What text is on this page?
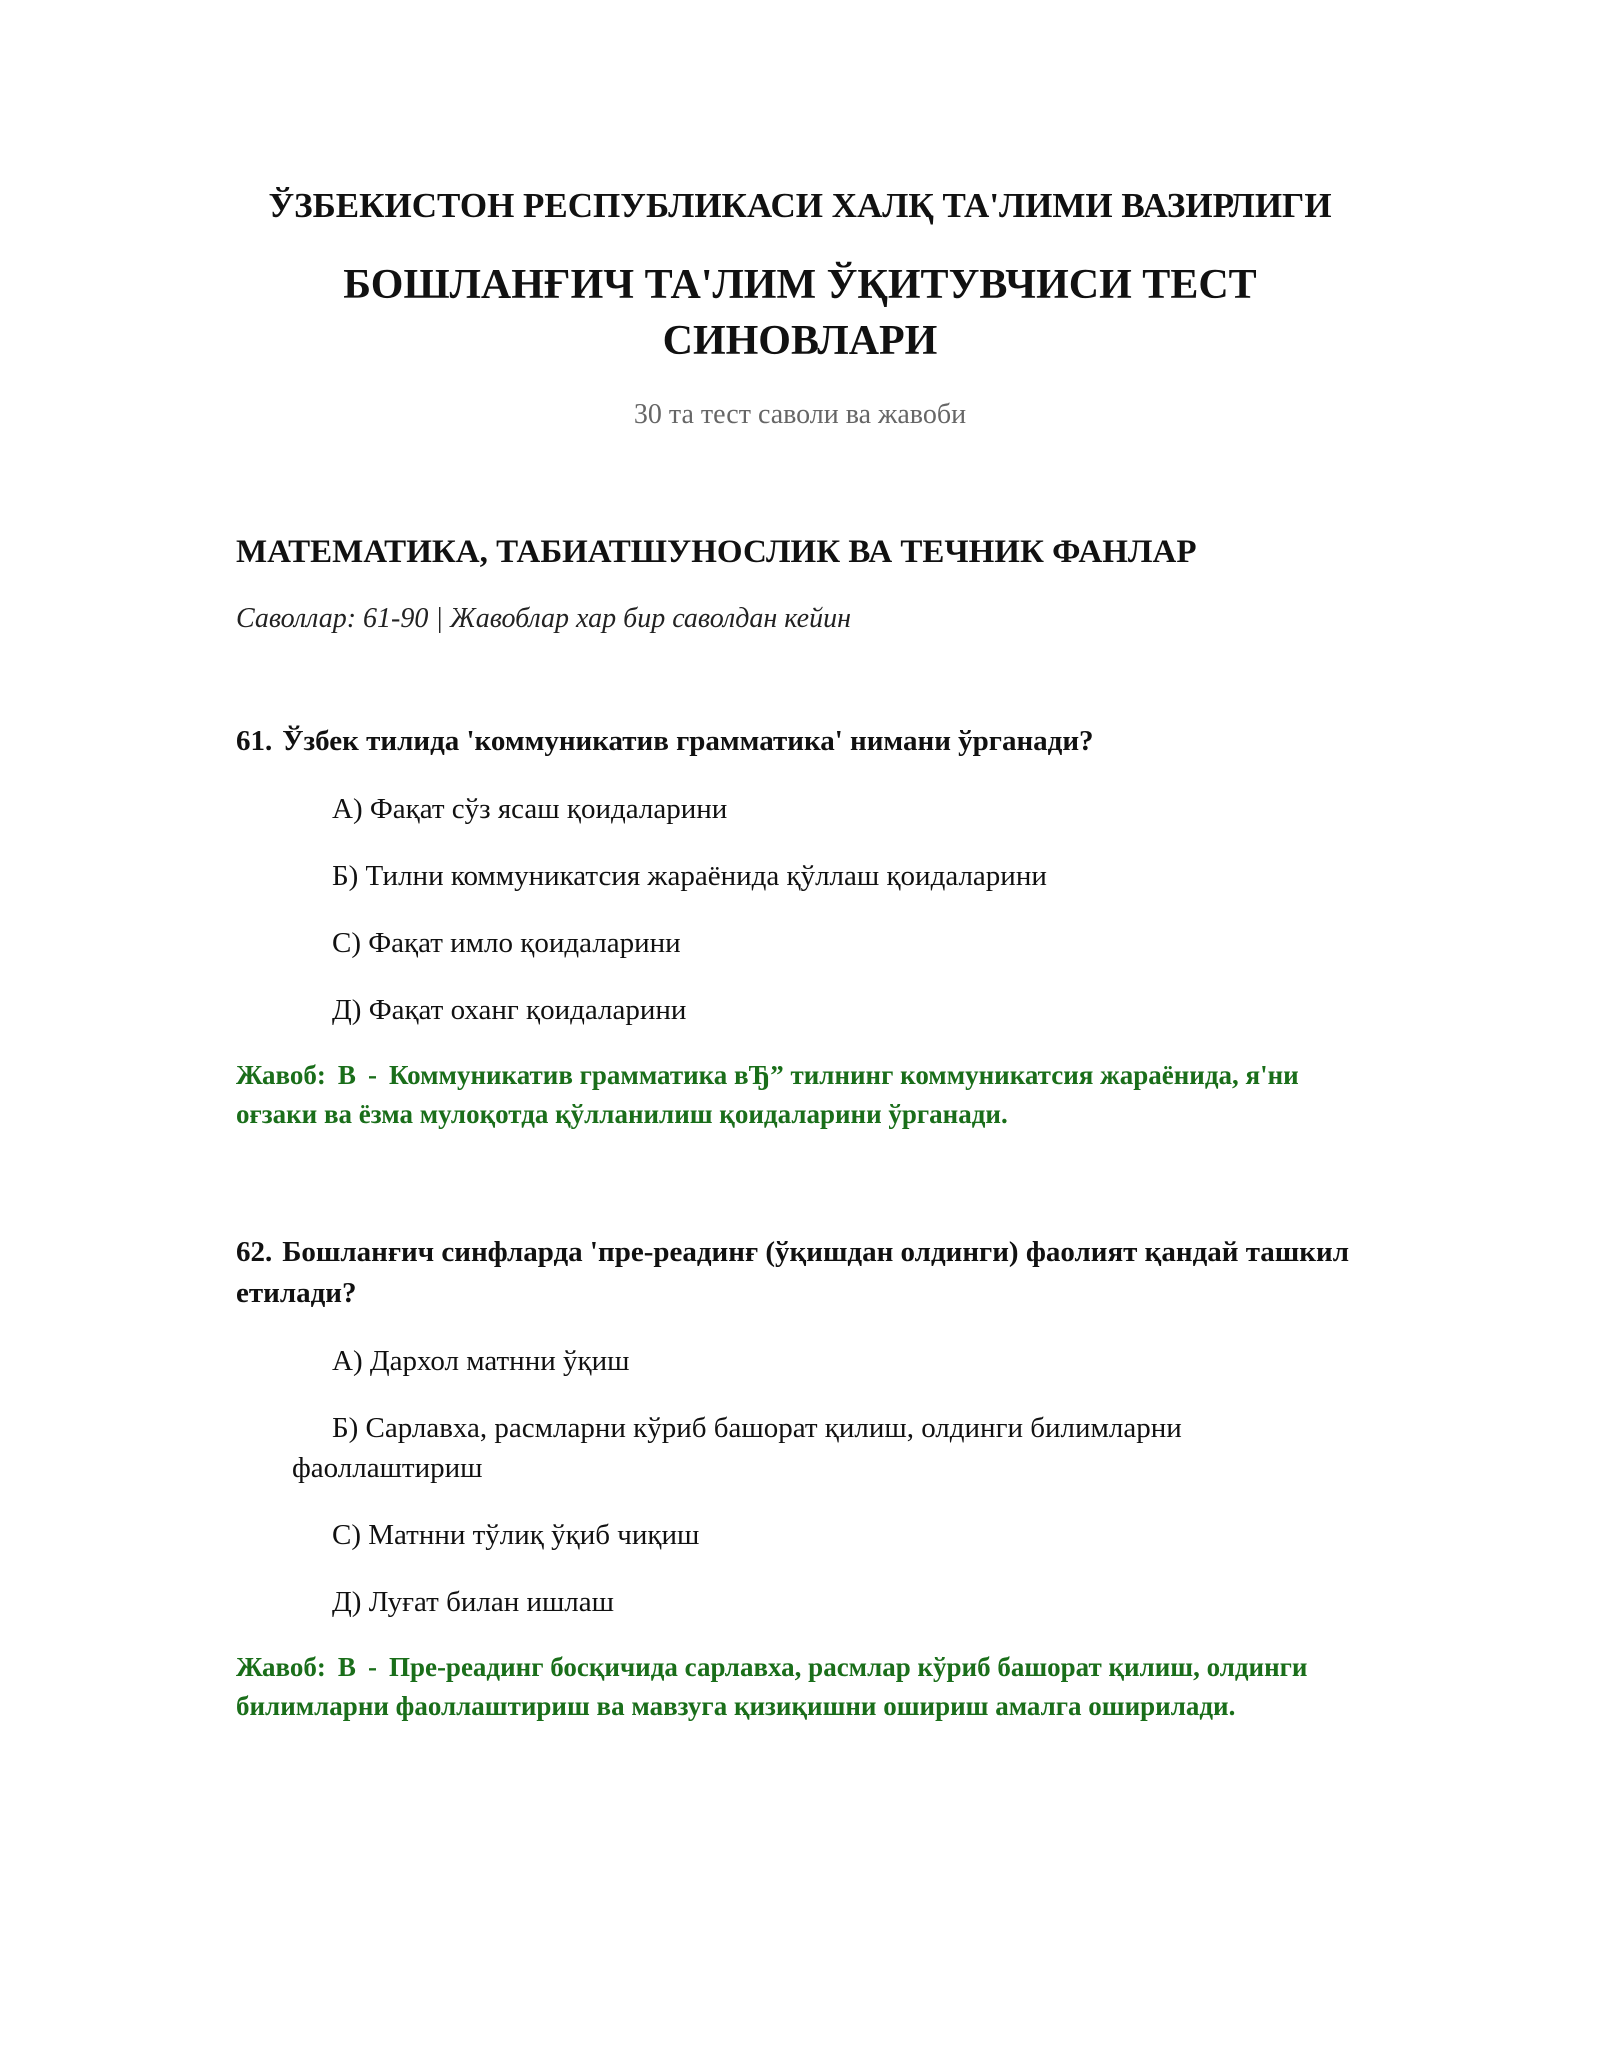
ЎЗБЕКИСТОН РЕСПУБЛИКАСИ ХАЛҚ ТА'ЛИМИ ВАЗИРЛИГИ

БОШЛАНҒИЧ ТА'ЛИМ ЎҚИТУВЧИСИ ТЕСТ
СИНОВЛАРИ

30 та тест саволи ва жавоби

МАТЕМАТИКА, ТАБИАТШУНОСЛИК ВА ТЕЧНИК ФАНЛАР

Саволлар: 61-90 | Жавоблар хар бир саволдан кейин

61. Ўзбек тилида 'коммуникатив грамматика' нимани ўрганади?

А) Фақат сўз ясаш қоидаларини

Б) Тилни коммуникатсия жараёнида қўллаш қоидаларини

С) Фақат имло қоидаларини

Д) Фақат оханг қоидаларини

Жавоб: B - Коммуникатив грамматика вЂ” тилнинг коммуникатсия жараёнида, я'ни оғзаки ва ёзма мулоқотда қўлланилиш қоидаларини ўрганади.

62. Бошланғич синфларда 'пре-реадинғ (ўқишдан олдинги) фаолият қандай ташкил етилади?

А) Дархол матнни ўқиш

Б) Сарлавха, расмларни кўриб башорат қилиш, олдинги билимларни фаоллаштириш

С) Матнни тўлиқ ўқиб чиқиш

Д) Луғат билан ишлаш

Жавоб: B - Пре-реадинг босқичида сарлавха, расмлар кўриб башорат қилиш, олдинги билимларни фаоллаштириш ва мавзуга қизиқишни ошириш амалга оширилади.
